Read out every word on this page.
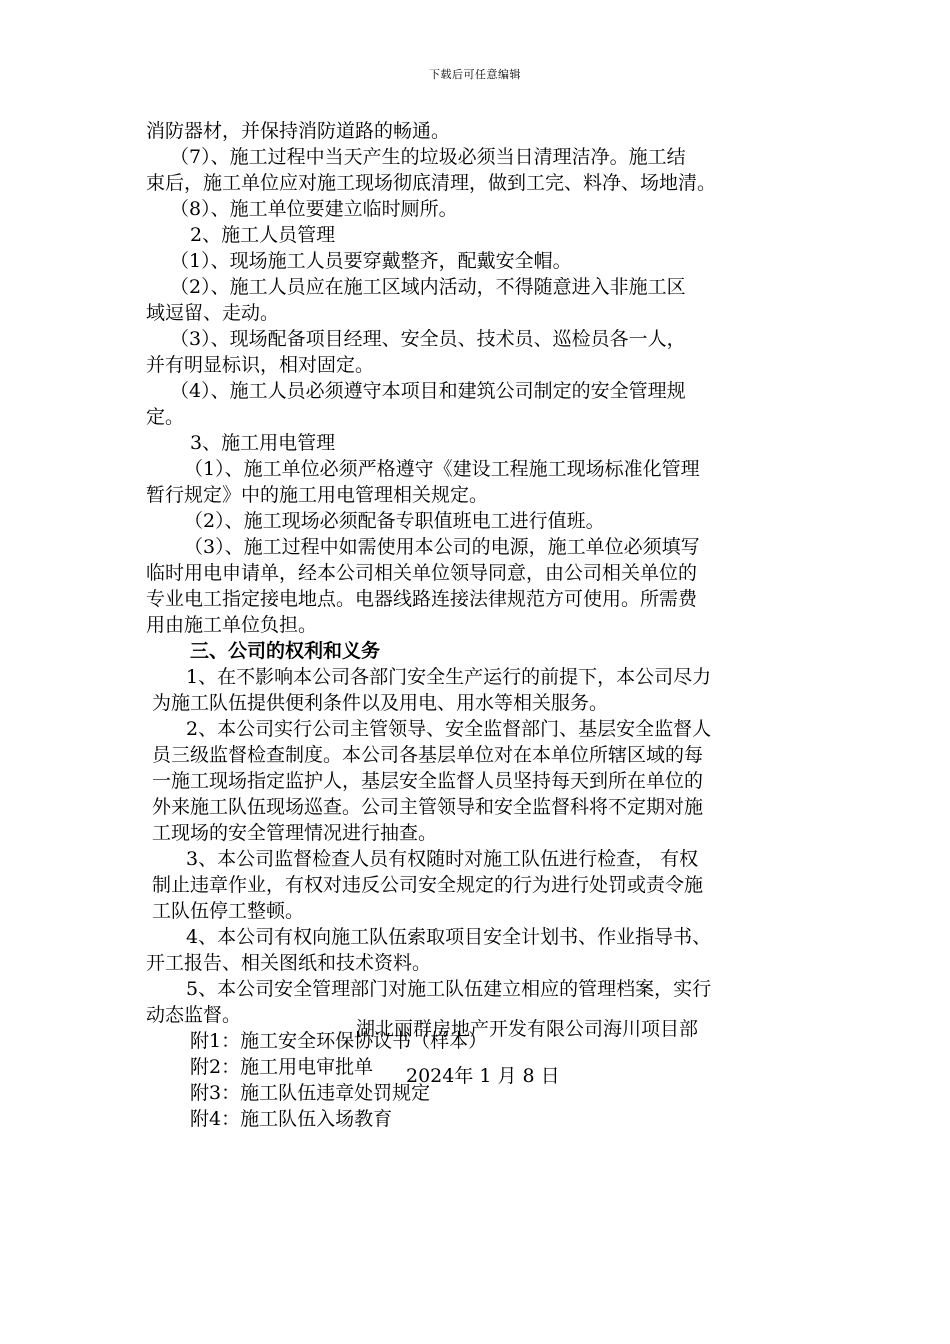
下载后可任意编辑
消防器材，并保持消防道路的畅通。
（7）、施工过程中当天产生的垃圾必须当日清理洁净。施工结
束后，施工单位应对施工现场彻底清理，做到工完、料净、场地清。
（8）、施工单位要建立临时厕所。
2、施工人员管理
（1）、现场施工人员要穿戴整齐，配戴安全帽。
（2）、施工人员应在施工区域内活动，不得随意进入非施工区
域逗留、走动。
（3）、现场配备项目经理、安全员、技术员、巡检员各一人，
并有明显标识，相对固定。
（4）、施工人员必须遵守本项目和建筑公司制定的安全管理规
定。
3、施工用电管理
（1）、施工单位必须严格遵守《建设工程施工现场标准化管理
暂行规定》中的施工用电管理相关规定。
（2）、施工现场必须配备专职值班电工进行值班。
（3）、施工过程中如需使用本公司的电源，施工单位必须填写
临时用电申请单，经本公司相关单位领导同意，由公司相关单位的
专业电工指定接电地点。电器线路连接法律规范方可使用。所需费
用由施工单位负担。
三、公司的权利和义务
1、在不影响本公司各部门安全生产运行的前提下，本公司尽力
为施工队伍提供便利条件以及用电、用水等相关服务。
2、本公司实行公司主管领导、安全监督部门、基层安全监督人
员三级监督检查制度。本公司各基层单位对在本单位所辖区域的每
一施工现场指定监护人，基层安全监督人员坚持每天到所在单位的
外来施工队伍现场巡查。公司主管领导和安全监督科将不定期对施
工现场的安全管理情况进行抽查。
3、本公司监督检查人员有权随时对施工队伍进行检查， 有权
制止违章作业，有权对违反公司安全规定的行为进行处罚或责令施
工队伍停工整顿。
4、本公司有权向施工队伍索取项目安全计划书、作业指导书、
开工报告、相关图纸和技术资料。
5、本公司安全管理部门对施工队伍建立相应的管理档案，实行
动态监督。
附1：施工安全环保协议书（样本）
附2：施工用电审批单
附3：施工队伍违章处罚规定
附4：施工队伍入场教育
湖北丽群房地产开发有限公司海川项目部
2024年 1 月 8 日
